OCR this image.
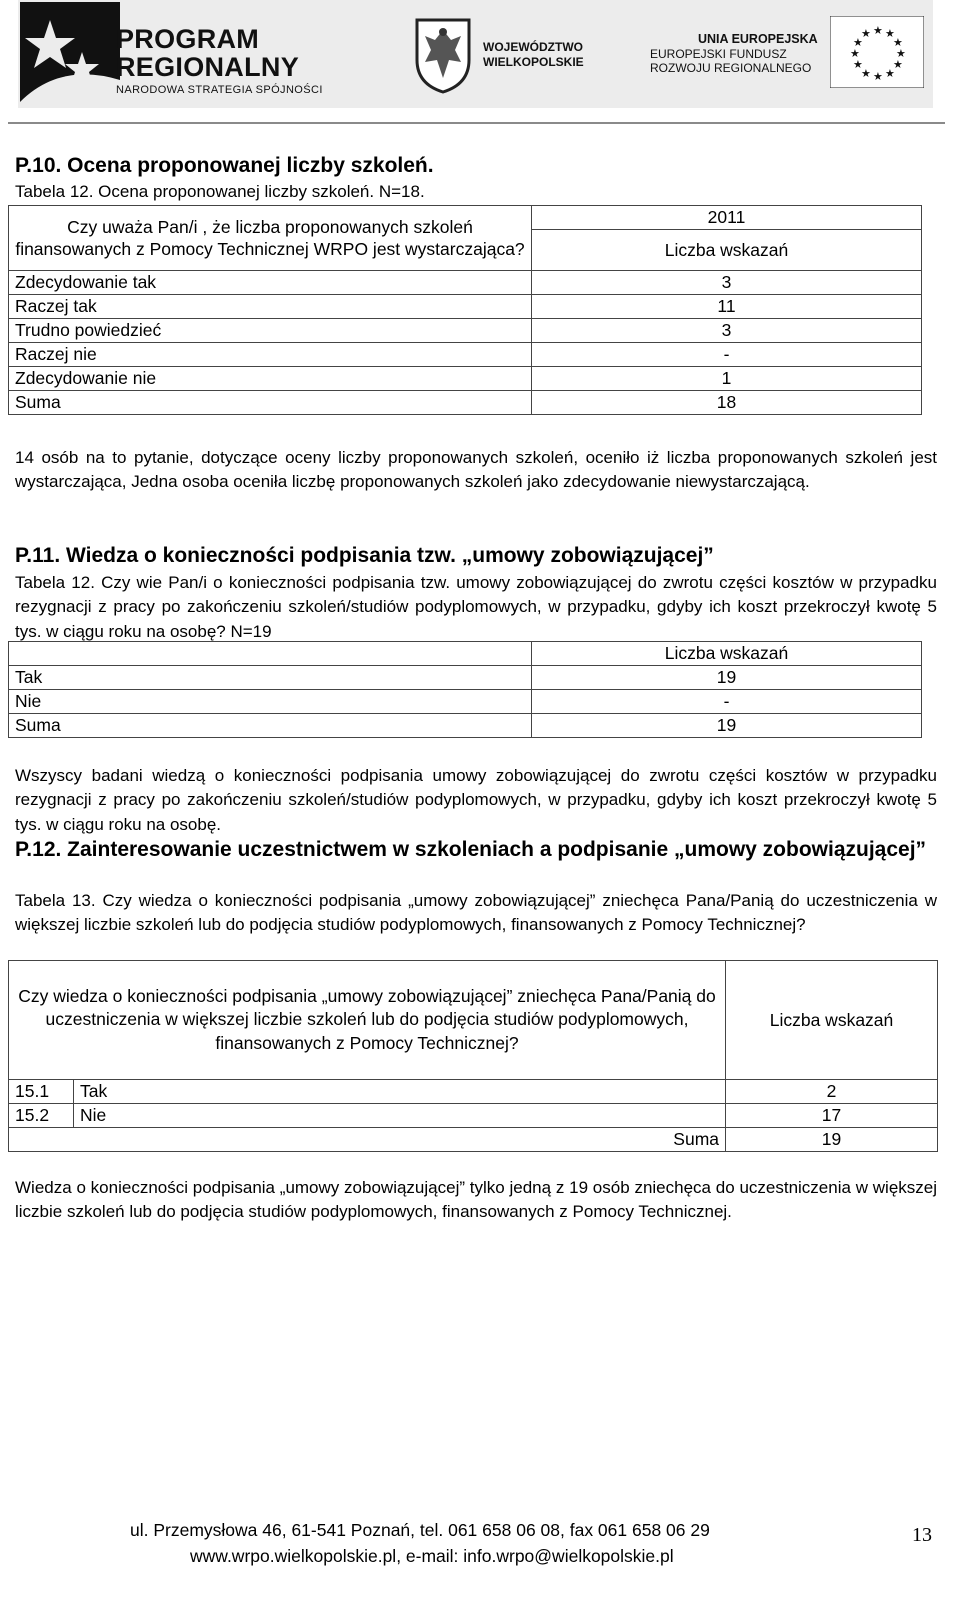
PROGRAM
REGIONALNY
NARODOWA STRATEGIA SPÓJNOŚCI
WOJEWÓDZTWO
WIELKOPOLSKIE
UNIA EUROPEJSKA
EUROPEJSKI FUNDUSZ
ROZWOJU REGIONALNEGO
★ ★
★
★
★
★
★
★
★
★
★
★
P.10. Ocena proponowanej liczby szkoleń.
Tabela 12. Ocena proponowanej liczby szkoleń. N=18.
Czy uważa Pan/i , że liczba proponowanych szkoleń finansowanych z Pomocy Technicznej WRPO jest wystarczająca?	2011
	Liczba wskazań
Zdecydowanie tak	3
Raczej tak	11
Trudno powiedzieć	3
Raczej nie	-
Zdecydowanie nie	1
Suma	18
14 osób na to pytanie, dotyczące oceny liczby proponowanych szkoleń, oceniło iż liczba proponowanych szkoleń jest wystarczająca, Jedna osoba oceniła liczbę proponowanych szkoleń jako zdecydowanie niewystarczającą.
P.11. Wiedza o konieczności podpisania tzw. „umowy zobowiązującej”
Tabela 12. Czy wie Pan/i o konieczności podpisania tzw. umowy zobowiązującej do zwrotu części kosztów w przypadku rezygnacji z pracy po zakończeniu szkoleń/studiów podyplomowych, w przypadku, gdyby ich koszt przekroczył kwotę 5 tys. w ciągu roku na osobę? N=19
	Liczba wskazań
Tak	19
Nie	-
Suma	19
Wszyscy badani wiedzą o konieczności podpisania umowy zobowiązującej do zwrotu części kosztów w przypadku rezygnacji z pracy po zakończeniu szkoleń/studiów podyplomowych, w przypadku, gdyby ich koszt przekroczył kwotę 5 tys. w ciągu roku na osobę.
P.12. Zainteresowanie uczestnictwem w szkoleniach a podpisanie „umowy zobowiązującej”
Tabela 13. Czy wiedza o konieczności podpisania „umowy zobowiązującej” zniechęca Pana/Panią do uczestniczenia w większej liczbie szkoleń lub do podjęcia studiów podyplomowych, finansowanych z Pomocy Technicznej?
Czy wiedza o konieczności podpisania „umowy zobowiązującej” zniechęca Pana/Panią do uczestniczenia w większej liczbie szkoleń lub do podjęcia studiów podyplomowych, finansowanych z Pomocy Technicznej?		Liczba wskazań
15.1	Tak	2
15.2	Nie	17
Suma		19
Wiedza o konieczności podpisania „umowy zobowiązującej” tylko jedną z 19 osób zniechęca do uczestniczenia w większej liczbie szkoleń lub do podjęcia studiów podyplomowych, finansowanych z Pomocy Technicznej.
ul. Przemysłowa 46, 61-541 Poznań, tel. 061 658 06 08, fax 061 658 06 29
www.wrpo.wielkopolskie.pl, e-mail: info.wrpo@wielkopolskie.pl
13
